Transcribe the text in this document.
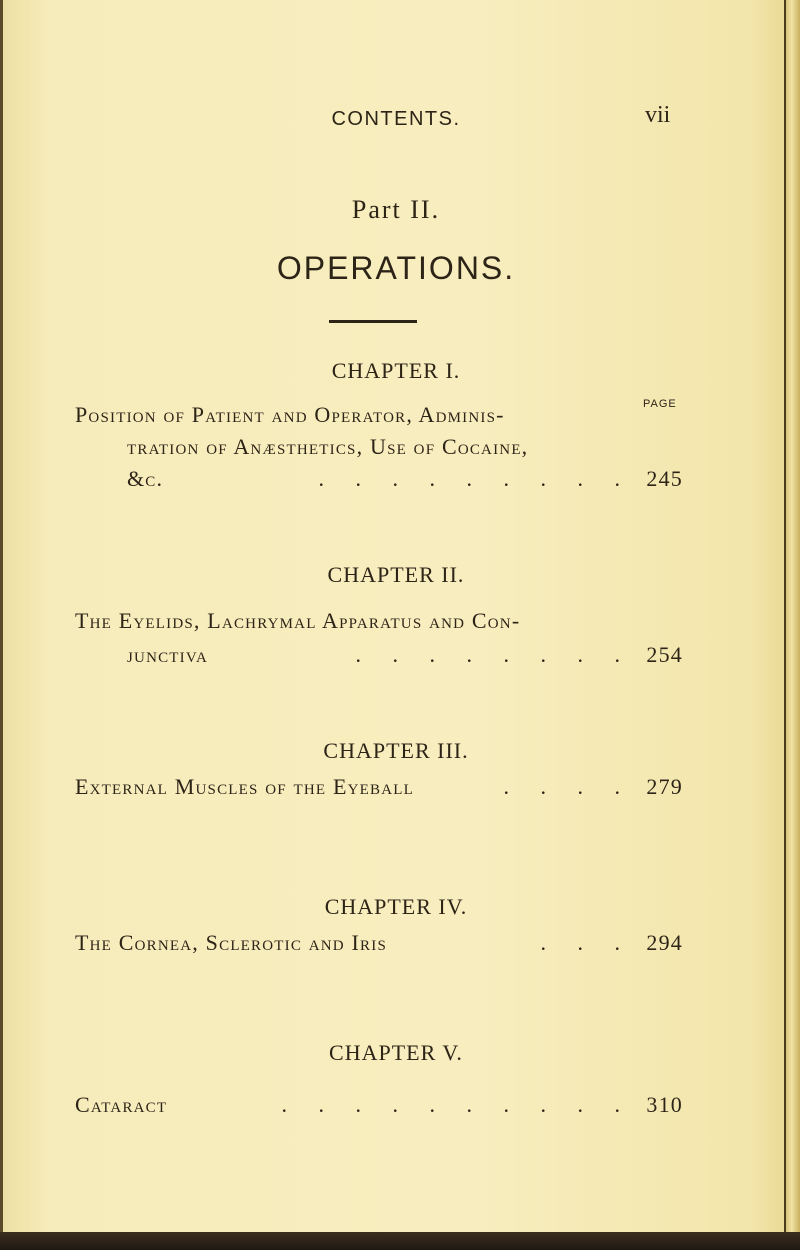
CONTENTS.	vii
Part II.
OPERATIONS.
CHAPTER I.
PAGE
Position of Patient and Operator, Adminis-
tration of Anæsthetics, Use of Cocaine,
&c.	. . . . . . . . . 245
CHAPTER II.
The Eyelids, Lachrymal Apparatus and Con-
junctiva	. . . . . . . . 254
CHAPTER III.
External Muscles of the Eyeball	. . . . 279
CHAPTER IV.
The Cornea, Sclerotic and Iris	. . . 294
CHAPTER V.
Cataract	. . . . . . . . . . 310
